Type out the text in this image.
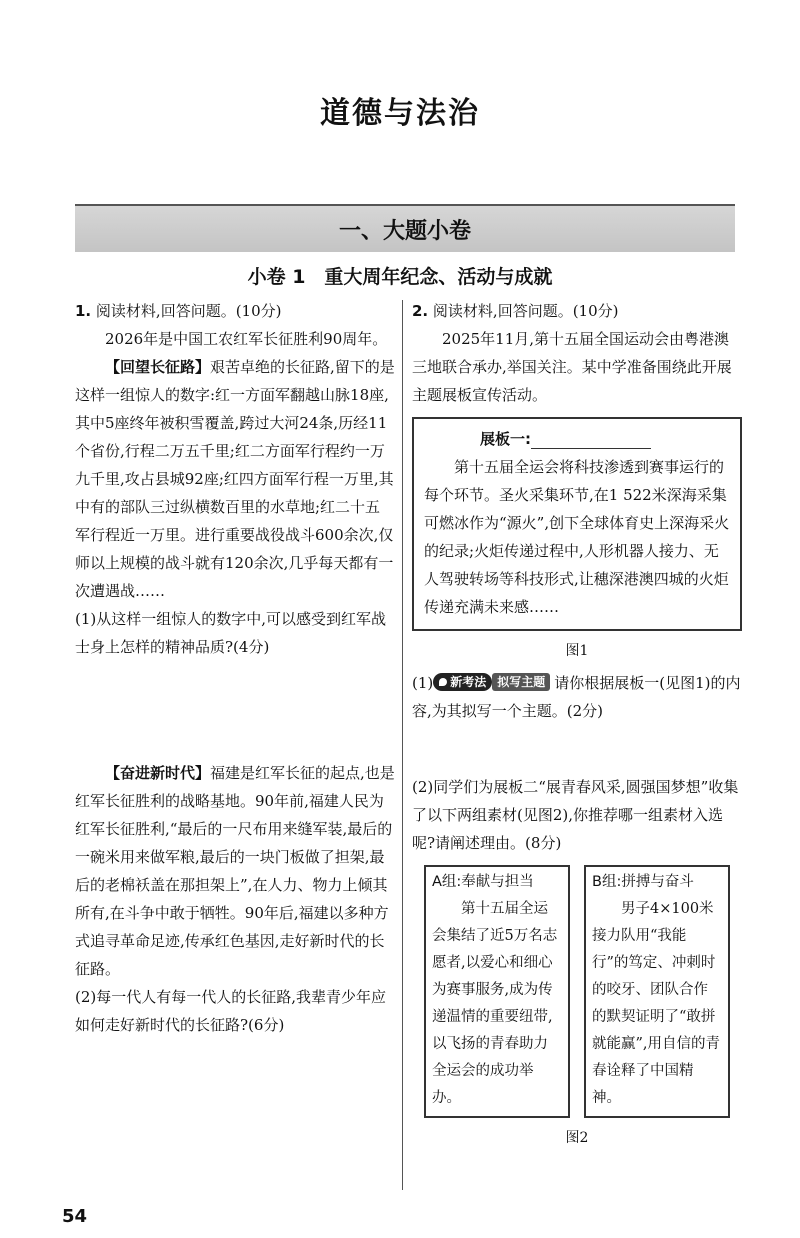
道德与法治
一、大题小卷
小卷 1　重大周年纪念、活动与成就

1. 阅读材料,回答问题。(10分)

2026年是中国工农红军长征胜利90周年。

【回望长征路】艰苦卓绝的长征路,留下的是这样一组惊人的数字:红一方面军翻越山脉18座,其中5座终年被积雪覆盖,跨过大河24条,历经11个省份,行程二万五千里;红二方面军行程约一万九千里,攻占县城92座;红四方面军行程一万里,其中有的部队三过纵横数百里的水草地;红二十五军行程近一万里。进行重要战役战斗600余次,仅师以上规模的战斗就有120余次,几乎每天都有一次遭遇战……

(1)从这样一组惊人的数字中,可以感受到红军战士身上怎样的精神品质?(4分)

【奋进新时代】福建是红军长征的起点,也是红军长征胜利的战略基地。90年前,福建人民为红军长征胜利,“最后的一尺布用来缝军装,最后的一碗米用来做军粮,最后的一块门板做了担架,最后的老棉袄盖在那担架上”,在人力、物力上倾其所有,在斗争中敢于牺牲。90年后,福建以多种方式追寻革命足迹,传承红色基因,走好新时代的长征路。

(2)每一代人有每一代人的长征路,我辈青少年应如何走好新时代的长征路?(6分)

2. 阅读材料,回答问题。(10分)

2025年11月,第十五届全国运动会由粤港澳三地联合承办,举国关注。某中学准备围绕此开展主题展板宣传活动。

展板一:

第十五届全运会将科技渗透到赛事运行的每个环节。圣火采集环节,在1 522米深海采集可燃冰作为“源火”,创下全球体育史上深海采火的纪录;火炬传递过程中,人形机器人接力、无人驾驶转场等科技形式,让穗深港澳四城的火炬传递充满未来感……

图1

(1) 新考法 拟写主题 请你根据展板一(见图1)的内容,为其拟写一个主题。(2分)

(2)同学们为展板二“展青春风采,圆强国梦想”收集了以下两组素材(见图2),你推荐哪一组素材入选呢?请阐述理由。(8分)

A组:奉献与担当

第十五届全运会集结了近5万名志愿者,以爱心和细心为赛事服务,成为传递温情的重要纽带,以飞扬的青春助力全运会的成功举办。

B组:拼搏与奋斗

男子4×100米接力队用“我能行”的笃定、冲刺时的咬牙、团队合作的默契证明了“敢拼就能赢”,用自信的青春诠释了中国精神。

图2
54
